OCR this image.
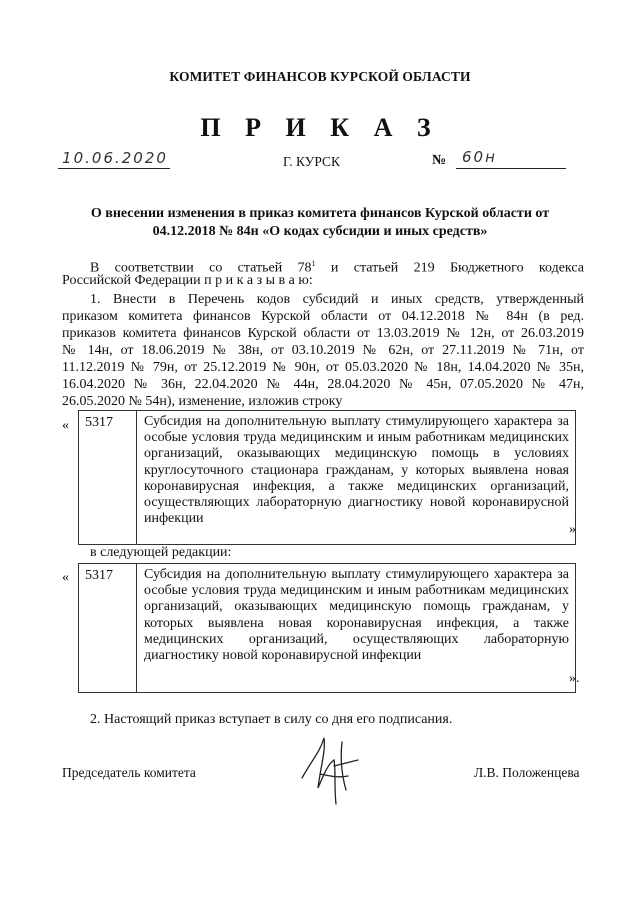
КОМИТЕТ ФИНАНСОВ КУРСКОЙ ОБЛАСТИ
П Р И К А З
10.06.2020	Г. КУРСК	№ 60н
О внесении изменения в приказ комитета финансов Курской области от
04.12.2018 № 84н «О кодах субсидии и иных средств»
В соответствии со статьей $78^1$ и статьей 219 Бюджетного кодекса
Российской Федерации п р и к а з ы в а ю:
1. Внести в Перечень кодов субсидий и иных средств, утвержденный
приказом комитета финансов Курской области от 04.12.2018 № 84н (в ред.
приказов комитета финансов Курской области от 13.03.2019 № 12н, от 26.03.2019
№ 14н, от 18.06.2019 № 38н, от 03.10.2019 № 62н, от 27.11.2019 № 71н, от
11.12.2019 № 79н, от 25.12.2019 № 90н, от 05.03.2020 № 18н, 14.04.2020 № 35н,
16.04.2020 № 36н, 22.04.2020 № 44н, 28.04.2020 № 45н, 07.05.2020 № 47н,
26.05.2020 № 54н), изменение, изложив строку
«	5317	Субсидия на дополнительную выплату стимулирующего характера за особые условия труда медицинским и иным работникам медицинских организаций, оказывающих медицинскую помощь в условиях круглосуточного стационара гражданам, у которых выявлена новая коронавирусная инфекция, а также медицинских организаций, осуществляющих лабораторную диагностику новой коронавирусной инфекции
»
в следующей редакции:
«	5317	Субсидия на дополнительную выплату стимулирующего характера за особые условия труда медицинским и иным работникам медицинских организаций, оказывающих медицинскую помощь гражданам, у которых выявлена новая коронавирусная инфекция, а также медицинских организаций, осуществляющих лабораторную диагностику новой коронавирусной инфекции
».
2. Настоящий приказ вступает в силу со дня его подписания.
Председатель комитета	Л.В. Положенцева
